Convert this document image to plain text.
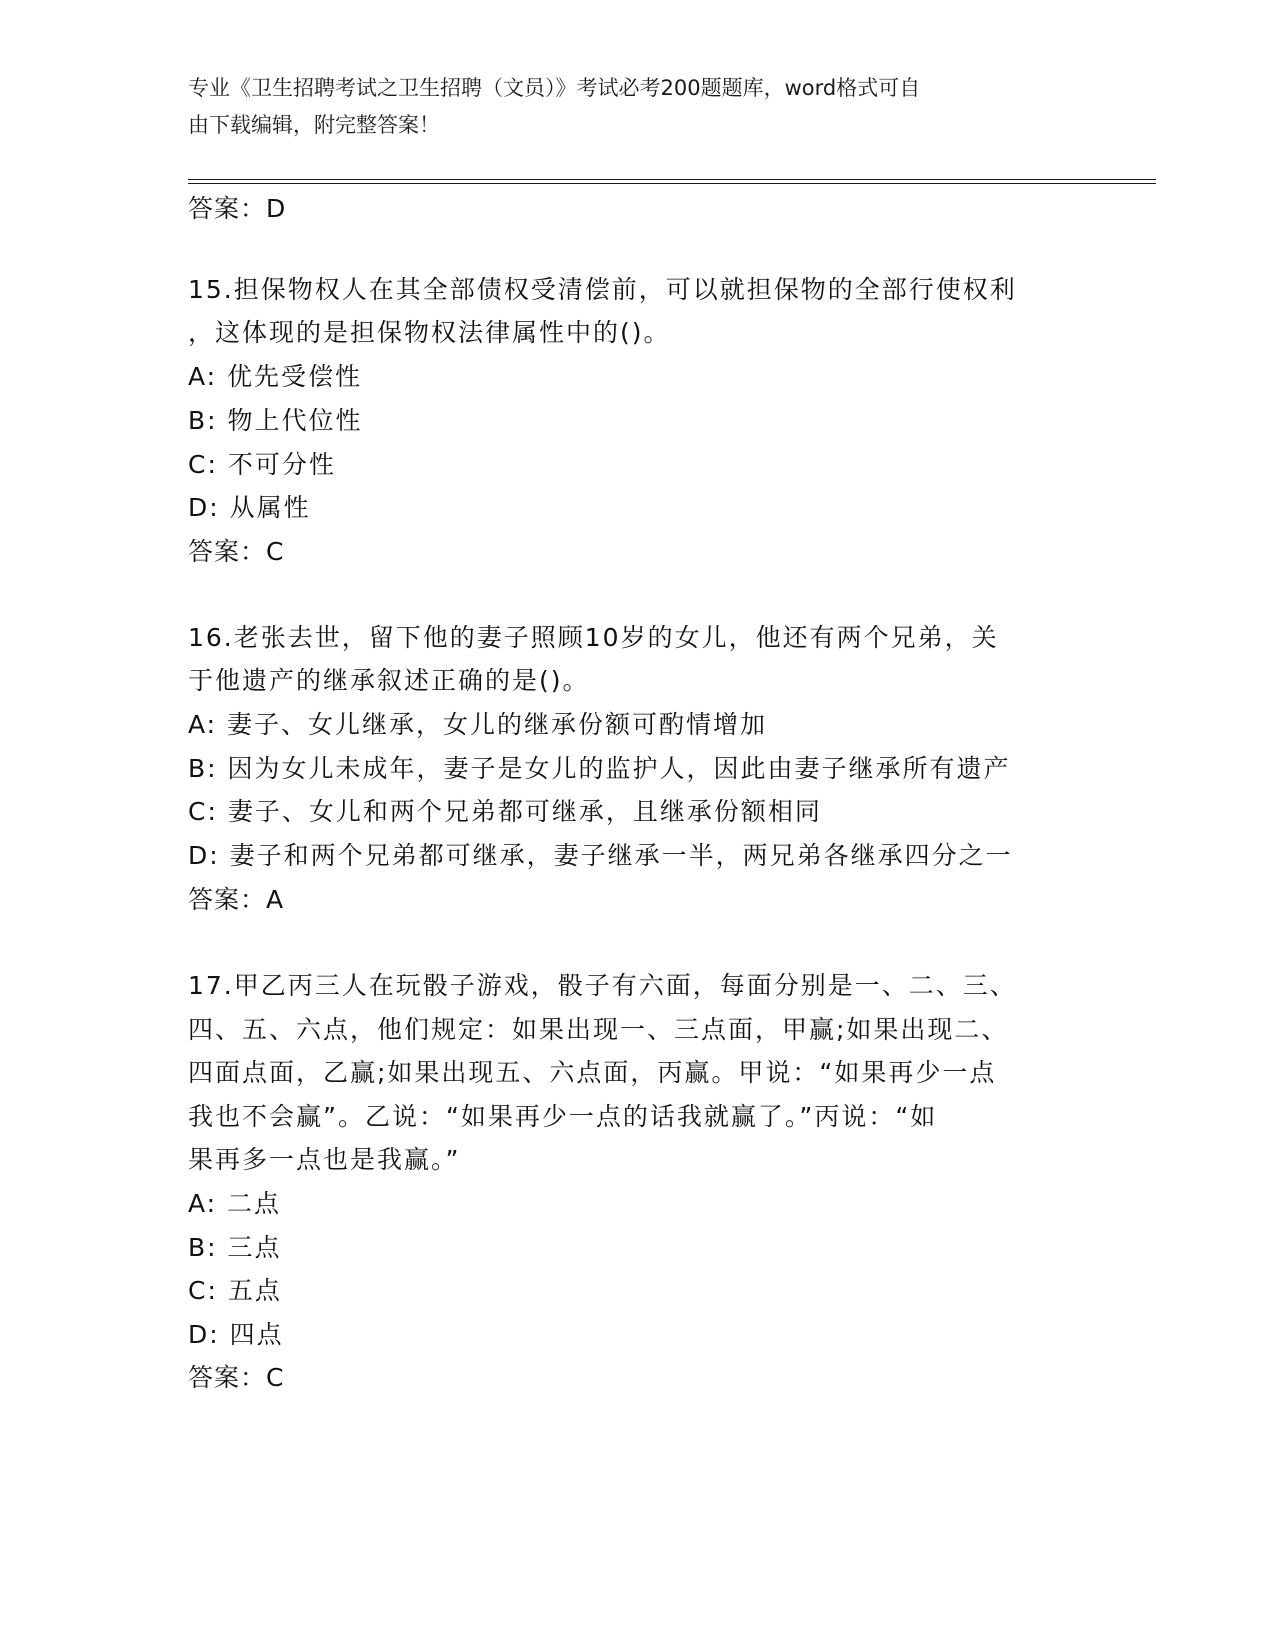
专业《卫生招聘考试之卫生招聘（文员）》考试必考200题题库，word格式可自
由下载编辑，附完整答案！
答案：D
15.担保物权人在其全部债权受清偿前，可以就担保物的全部行使权利
，这体现的是担保物权法律属性中的()。
A: 优先受偿性
B: 物上代位性
C: 不可分性
D: 从属性
答案：C
16.老张去世，留下他的妻子照顾10岁的女儿，他还有两个兄弟，关
于他遗产的继承叙述正确的是()。
A: 妻子、女儿继承，女儿的继承份额可酌情增加
B: 因为女儿未成年，妻子是女儿的监护人，因此由妻子继承所有遗产
C: 妻子、女儿和两个兄弟都可继承，且继承份额相同
D: 妻子和两个兄弟都可继承，妻子继承一半，两兄弟各继承四分之一
答案：A
17.甲乙丙三人在玩骰子游戏，骰子有六面，每面分别是一、二、三、
四、五、六点，他们规定：如果出现一、三点面，甲赢;如果出现二、
四面点面，乙赢;如果出现五、六点面，丙赢。甲说：“如果再少一点
我也不会赢”。乙说：“如果再少一点的话我就赢了。”丙说：“如
果再多一点也是我赢。”
A: 二点
B: 三点
C: 五点
D: 四点
答案：C
